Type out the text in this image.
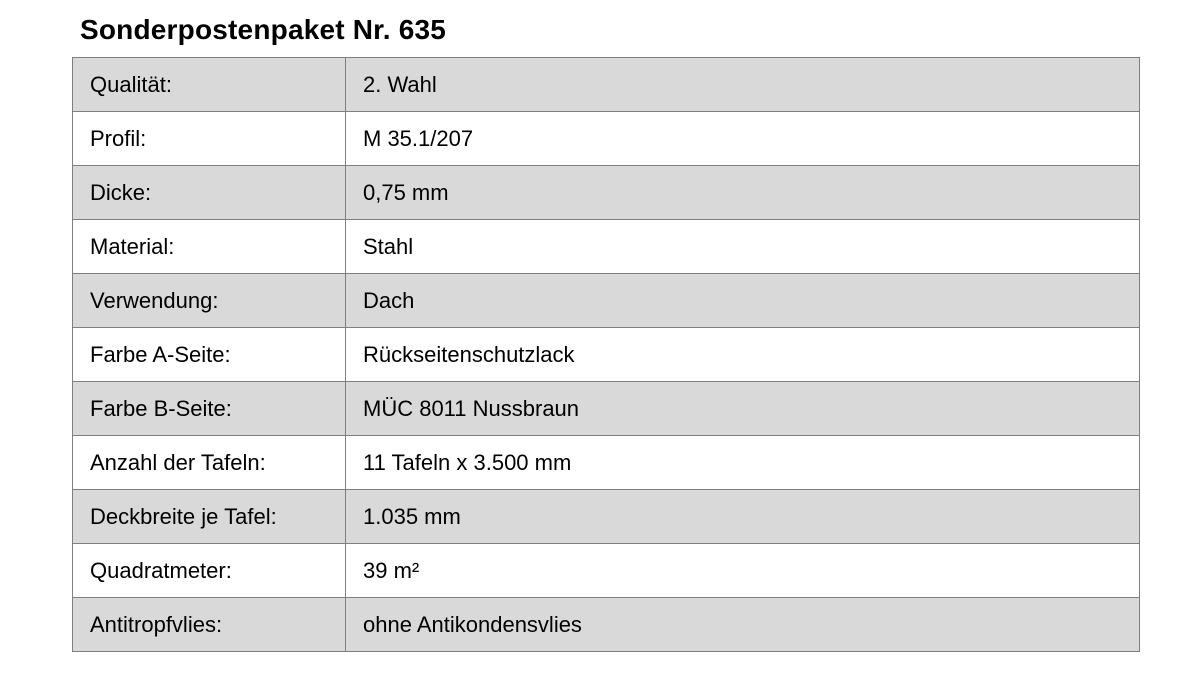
Sonderpostenpaket Nr. 635
Qualität:	2. Wahl
Profil:	M 35.1/207
Dicke:	0,75 mm
Material:	Stahl
Verwendung:	Dach
Farbe A-Seite:	Rückseitenschutzlack
Farbe B-Seite:	MÜC 8011 Nussbraun
Anzahl der Tafeln:	11 Tafeln x 3.500 mm
Deckbreite je Tafel:	1.035 mm
Quadratmeter:	39 m²
Antitropfvlies:	ohne Antikondensvlies
